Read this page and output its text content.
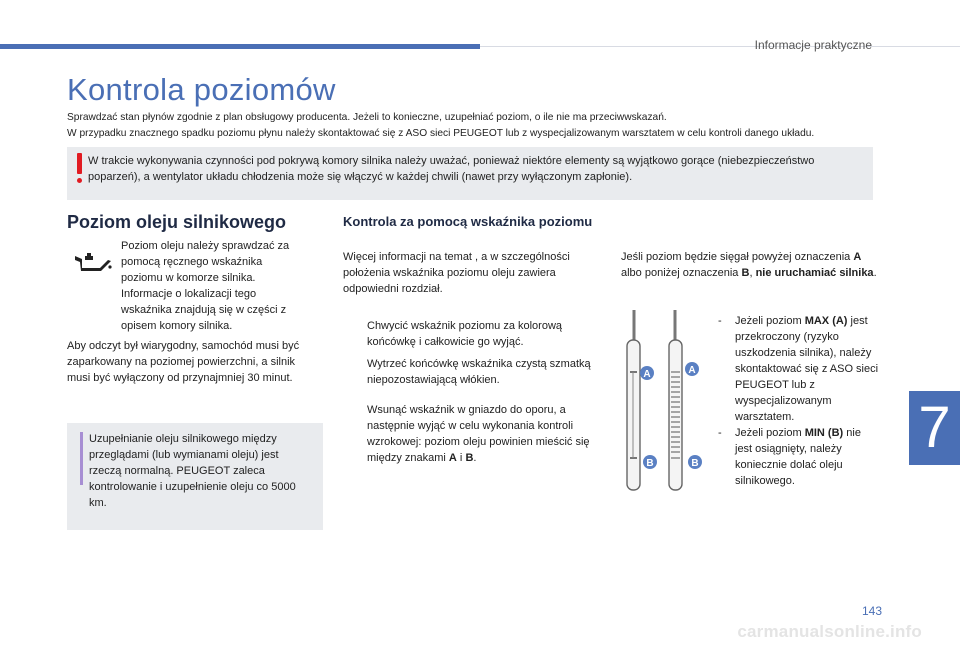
Informacje praktyczne
Kontrola poziomów
Sprawdzać stan płynów zgodnie z plan obsługowy producenta. Jeżeli to konieczne, uzupełniać poziom, o ile nie ma przeciwwskazań.
W przypadku znacznego spadku poziomu płynu należy skontaktować się z ASO sieci PEUGEOT lub z wyspecjalizowanym warsztatem w celu kontroli danego układu.
W trakcie wykonywania czynności pod pokrywą komory silnika należy uważać, ponieważ niektóre elementy są wyjątkowo gorące (niebezpieczeństwo poparzeń), a wentylator układu chłodzenia może się włączyć w każdej chwili (nawet przy wyłączonym zapłonie).
Poziom oleju silnikowego
Poziom oleju należy sprawdzać za pomocą ręcznego wskaźnika poziomu w komorze silnika. Informacje o lokalizacji tego wskaźnika znajdują się w części z opisem komory silnika.
Aby odczyt był wiarygodny, samochód musi być zaparkowany na poziomej powierzchni, a silnik musi być wyłączony od przynajmniej 30 minut.
Uzupełnianie oleju silnikowego między przeglądami (lub wymianami oleju) jest rzeczą normalną. PEUGEOT zaleca kontrolowanie i uzupełnienie oleju co 5000 km.
Kontrola za pomocą wskaźnika poziomu
Więcej informacji na temat , a w szczególności położenia wskaźnika poziomu oleju zawiera odpowiedni rozdział.
Chwycić wskaźnik poziomu za kolorową końcówkę i całkowicie go wyjąć.
Wytrzeć końcówkę wskaźnika czystą szmatką niepozostawiającą włókien.
Wsunąć wskaźnik w gniazdo do oporu, a następnie wyjąć w celu wykonania kontroli wzrokowej: poziom oleju powinien mieścić się między znakami A i B.
Jeśli poziom będzie sięgał powyżej oznaczenia A albo poniżej oznaczenia B, nie uruchamiać silnika.
A	A
B	B
- Jeżeli poziom MAX (A) jest przekroczony (ryzyko uszkodzenia silnika), należy skontaktować się z ASO sieci PEUGEOT lub z wyspecjalizowanym warsztatem.
- Jeżeli poziom MIN (B) nie jest osiągnięty, należy koniecznie dolać oleju silnikowego.
7
143
carmanualsonline.info
